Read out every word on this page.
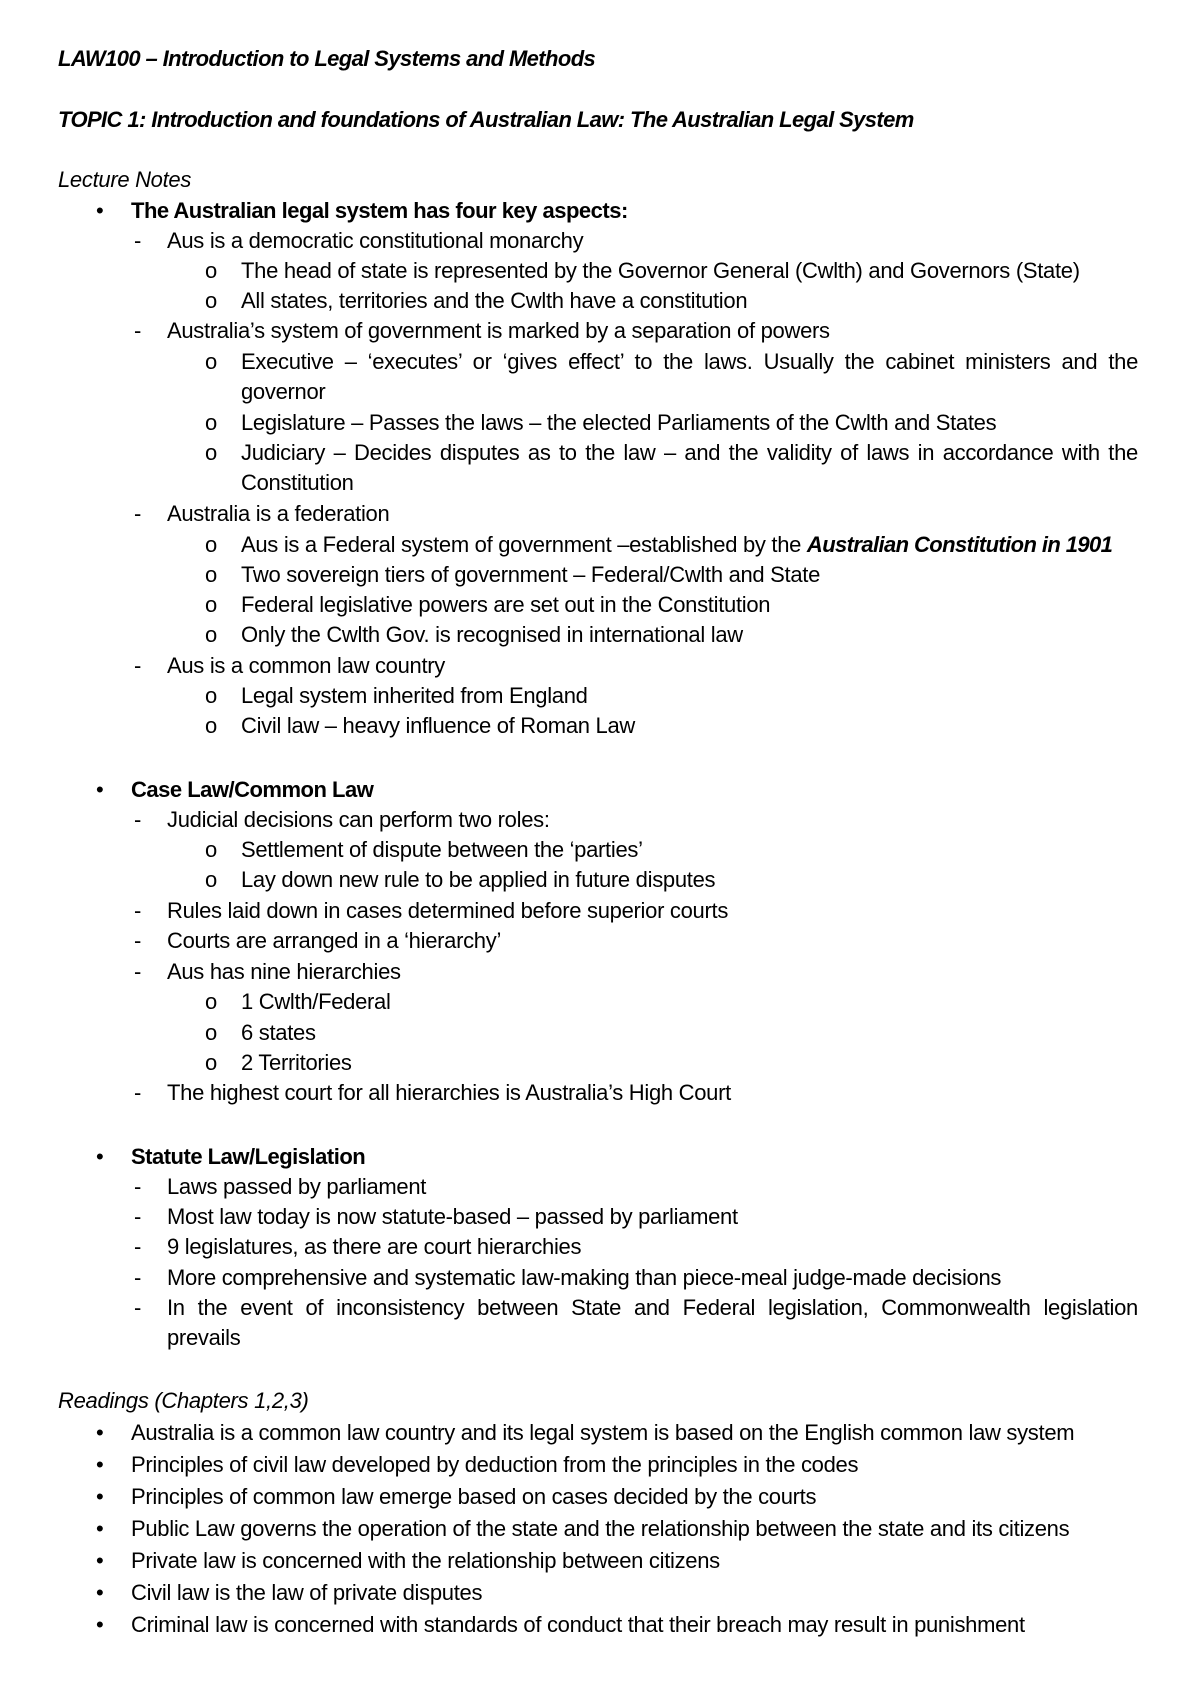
LAW100 – Introduction to Legal Systems and Methods
TOPIC 1: Introduction and foundations of Australian Law: The Australian Legal System
Lecture Notes
• The Australian legal system has four key aspects:
- Aus is a democratic constitutional monarchy
o The head of state is represented by the Governor General (Cwlth) and Governors (State)
o All states, territories and the Cwlth have a constitution
- Australia’s system of government is marked by a separation of powers
o Executive – ‘executes’ or ‘gives effect’ to the laws. Usually the cabinet ministers and the
governor
o Legislature – Passes the laws – the elected Parliaments of the Cwlth and States
o Judiciary – Decides disputes as to the law – and the validity of laws in accordance with the
Constitution
- Australia is a federation
o Aus is a Federal system of government –established by the Australian Constitution in 1901
o Two sovereign tiers of government – Federal/Cwlth and State
o Federal legislative powers are set out in the Constitution
o Only the Cwlth Gov. is recognised in international law
- Aus is a common law country
o Legal system inherited from England
o Civil law – heavy influence of Roman Law
• Case Law/Common Law
- Judicial decisions can perform two roles:
o Settlement of dispute between the ‘parties’
o Lay down new rule to be applied in future disputes
- Rules laid down in cases determined before superior courts
- Courts are arranged in a ‘hierarchy’
- Aus has nine hierarchies
o 1 Cwlth/Federal
o 6 states
o 2 Territories
- The highest court for all hierarchies is Australia’s High Court
• Statute Law/Legislation
- Laws passed by parliament
- Most law today is now statute-based – passed by parliament
- 9 legislatures, as there are court hierarchies
- More comprehensive and systematic law-making than piece-meal judge-made decisions
- In the event of inconsistency between State and Federal legislation, Commonwealth legislation
prevails
Readings (Chapters 1,2,3)
• Australia is a common law country and its legal system is based on the English common law system
• Principles of civil law developed by deduction from the principles in the codes
• Principles of common law emerge based on cases decided by the courts
• Public Law governs the operation of the state and the relationship between the state and its citizens
• Private law is concerned with the relationship between citizens
• Civil law is the law of private disputes
• Criminal law is concerned with standards of conduct that their breach may result in punishment
